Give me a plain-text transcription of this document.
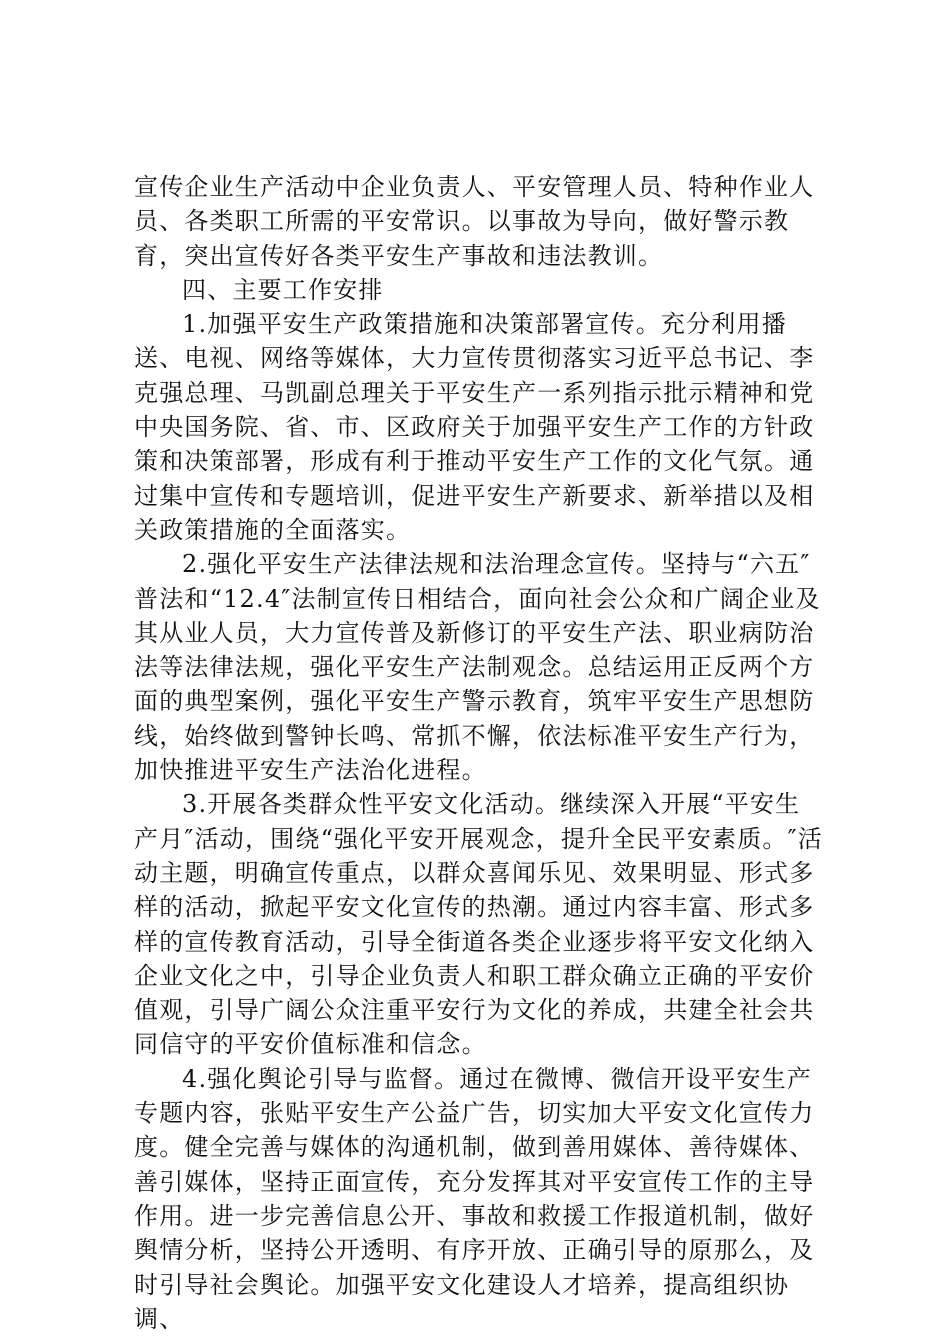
宣传企业生产活动中企业负责人、平安管理人员、特种作业人员、各类职工所需的平安常识。以事故为导向，做好警示教育，突出宣传好各类平安生产事故和违法教训。

四、主要工作安排

1.加强平安生产政策措施和决策部署宣传。充分利用播送、电视、网络等媒体，大力宣传贯彻落实习近平总书记、李克强总理、马凯副总理关于平安生产一系列指示批示精神和党中央国务院、省、市、区政府关于加强平安生产工作的方针政策和决策部署，形成有利于推动平安生产工作的文化气氛。通过集中宣传和专题培训，促进平安生产新要求、新举措以及相关政策措施的全面落实。

2.强化平安生产法律法规和法治理念宣传。坚持与“六五″普法和“12.4″法制宣传日相结合，面向社会公众和广阔企业及其从业人员，大力宣传普及新修订的平安生产法、职业病防治法等法律法规，强化平安生产法制观念。总结运用正反两个方面的典型案例，强化平安生产警示教育，筑牢平安生产思想防线，始终做到警钟长鸣、常抓不懈，依法标准平安生产行为，加快推进平安生产法治化进程。

3.开展各类群众性平安文化活动。继续深入开展“平安生产月″活动，围绕“强化平安开展观念，提升全民平安素质。″活动主题，明确宣传重点，以群众喜闻乐见、效果明显、形式多样的活动，掀起平安文化宣传的热潮。通过内容丰富、形式多样的宣传教育活动，引导全街道各类企业逐步将平安文化纳入企业文化之中，引导企业负责人和职工群众确立正确的平安价值观，引导广阔公众注重平安行为文化的养成，共建全社会共同信守的平安价值标准和信念。

4.强化舆论引导与监督。通过在微博、微信开设平安生产专题内容，张贴平安生产公益广告，切实加大平安文化宣传力度。健全完善与媒体的沟通机制，做到善用媒体、善待媒体、善引媒体，坚持正面宣传，充分发挥其对平安宣传工作的主导作用。进一步完善信息公开、事故和救援工作报道机制，做好舆情分析，坚持公开透明、有序开放、正确引导的原那么，及时引导社会舆论。加强平安文化建设人才培养，提高组织协调、
